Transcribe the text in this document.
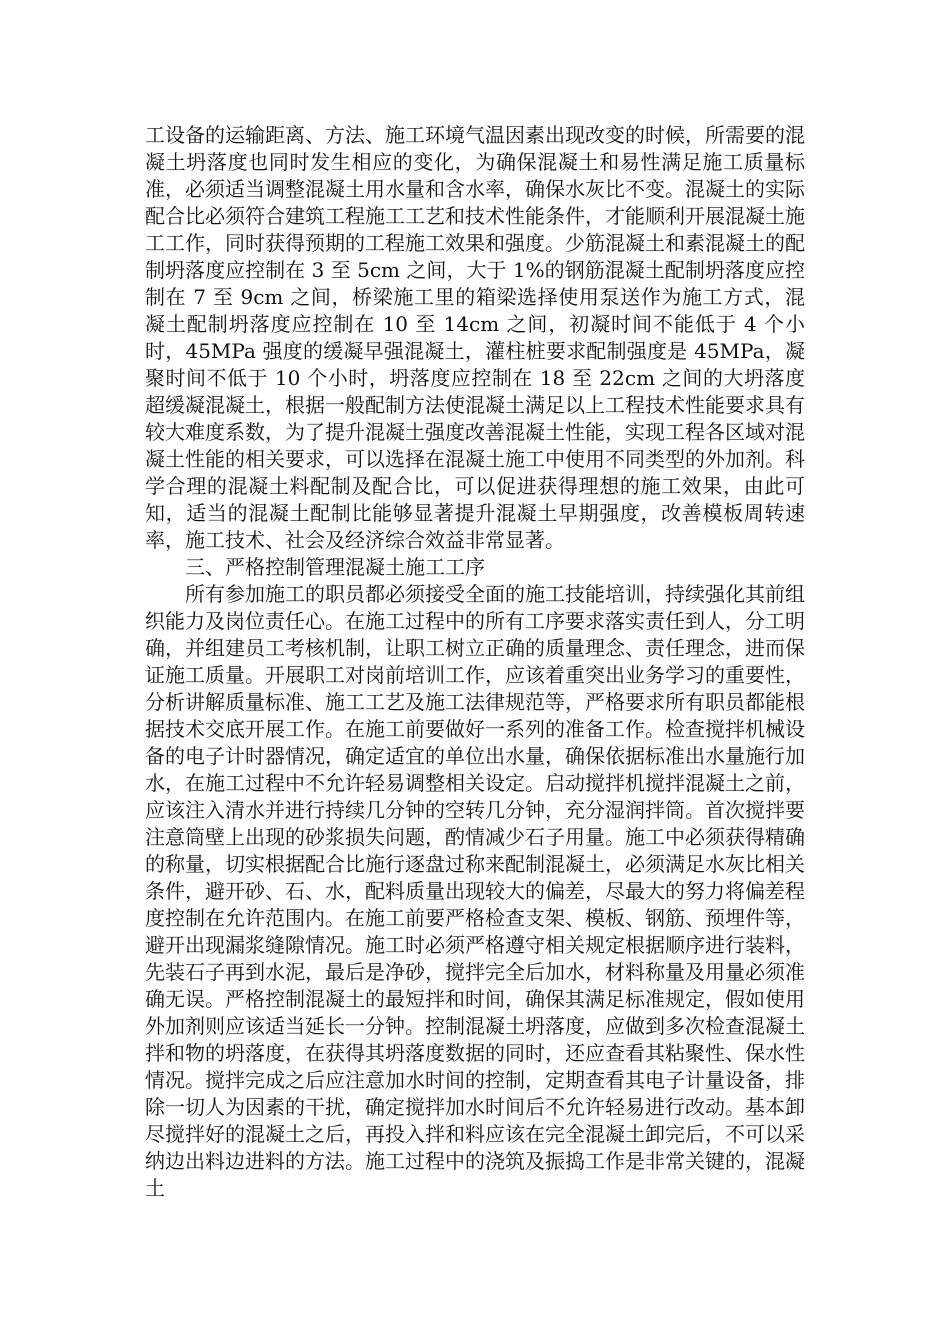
工设备的运输距离、方法、施工环境气温因素出现改变的时候，所需要的混凝土坍落度也同时发生相应的变化，为确保混凝土和易性满足施工质量标准，必须适当调整混凝土用水量和含水率，确保水灰比不变。混凝土的实际配合比必须符合建筑工程施工工艺和技术性能条件，才能顺利开展混凝土施工工作，同时获得预期的工程施工效果和强度。少筋混凝土和素混凝土的配制坍落度应控制在 3 至 5cm 之间，大于 1%的钢筋混凝土配制坍落度应控制在 7 至 9cm 之间，桥梁施工里的箱梁选择使用泵送作为施工方式，混凝土配制坍落度应控制在 10 至 14cm 之间，初凝时间不能低于 4 个小时，45MPa 强度的缓凝早强混凝土，灌柱桩要求配制强度是 45MPa，凝聚时间不低于 10 个小时，坍落度应控制在 18 至 22cm 之间的大坍落度超缓凝混凝土，根据一般配制方法使混凝土满足以上工程技术性能要求具有较大难度系数，为了提升混凝土强度改善混凝土性能，实现工程各区域对混凝土性能的相关要求，可以选择在混凝土施工中使用不同类型的外加剂。科学合理的混凝土料配制及配合比，可以促进获得理想的施工效果，由此可知，适当的混凝土配制比能够显著提升混凝土早期强度，改善模板周转速率，施工技术、社会及经济综合效益非常显著。

三、严格控制管理混凝土施工工序

所有参加施工的职员都必须接受全面的施工技能培训，持续强化其前组织能力及岗位责任心。在施工过程中的所有工序要求落实责任到人，分工明确，并组建员工考核机制，让职工树立正确的质量理念、责任理念，进而保证施工质量。开展职工对岗前培训工作，应该着重突出业务学习的重要性，分析讲解质量标准、施工工艺及施工法律规范等，严格要求所有职员都能根据技术交底开展工作。在施工前要做好一系列的准备工作。检查搅拌机械设备的电子计时器情况，确定适宜的单位出水量，确保依据标准出水量施行加水，在施工过程中不允许轻易调整相关设定。启动搅拌机搅拌混凝土之前，应该注入清水并进行持续几分钟的空转几分钟，充分湿润拌筒。首次搅拌要注意筒壁上出现的砂浆损失问题，酌情减少石子用量。施工中必须获得精确的称量，切实根据配合比施行逐盘过称来配制混凝土，必须满足水灰比相关条件，避开砂、石、水，配料质量出现较大的偏差，尽最大的努力将偏差程度控制在允许范围内。在施工前要严格检查支架、模板、钢筋、预埋件等，避开出现漏浆缝隙情况。施工时必须严格遵守相关规定根据顺序进行装料，先装石子再到水泥，最后是净砂，搅拌完全后加水，材料称量及用量必须准确无误。严格控制混凝土的最短拌和时间，确保其满足标准规定，假如使用外加剂则应该适当延长一分钟。控制混凝土坍落度，应做到多次检查混凝土拌和物的坍落度，在获得其坍落度数据的同时，还应查看其粘聚性、保水性情况。搅拌完成之后应注意加水时间的控制，定期查看其电子计量设备，排除一切人为因素的干扰，确定搅拌加水时间后不允许轻易进行改动。基本卸尽搅拌好的混凝土之后，再投入拌和料应该在完全混凝土卸完后，不可以采纳边出料边进料的方法。施工过程中的浇筑及振捣工作是非常关键的，混凝土
